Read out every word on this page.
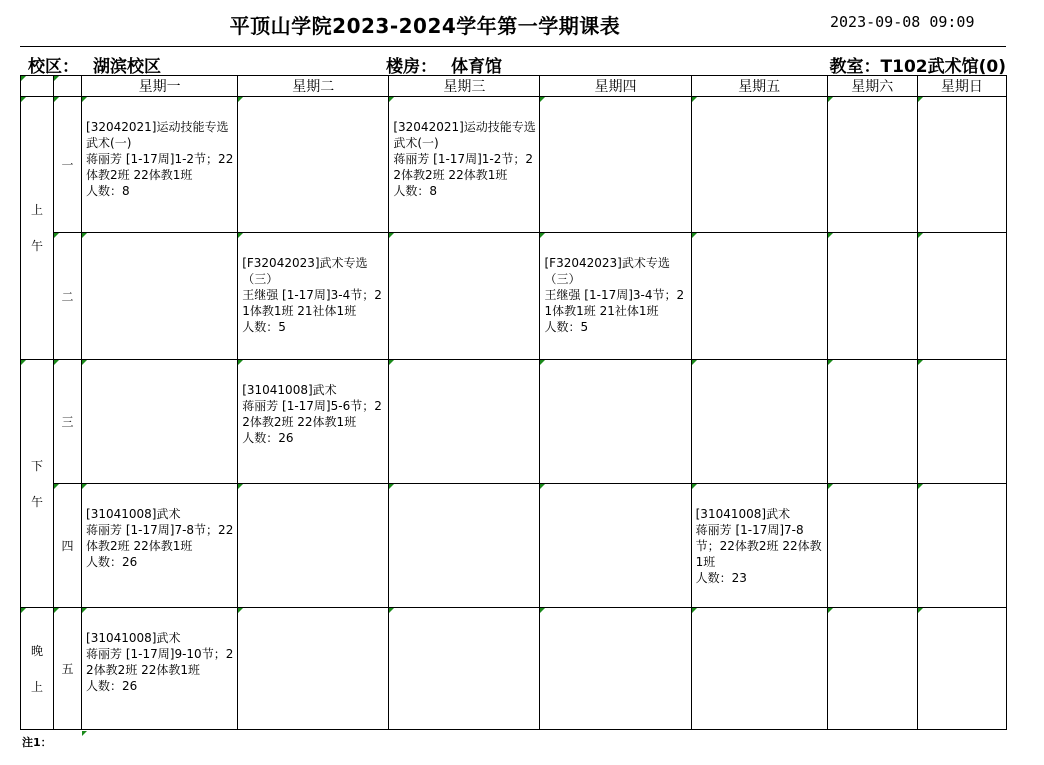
平顶山学院2023-2024学年第一学期课表	2023-09-08 09:09
校区： 湖滨校区	楼房： 体育馆	教室：T102武术馆(0)

	星期一	星期二	星期三	星期四	星期五	星期六	星期日

上
午	一	[32042021]运动技能专选武术(一)
蒋丽芳 [1-17周]1-2节；22体教2班 22体教1班
人数：8		[32042021]运动技能专选武术(一)
蒋丽芳 [1-17周]1-2节；22体教2班 22体教1班
人数：8				

二		[F32042023]武术专选（三）
王继强 [1-17周]3-4节；21体教1班 21社体1班
人数：5		[F32042023]武术专选（三）
王继强 [1-17周]3-4节；21体教1班 21社体1班
人数：5			

下
午	三		[31041008]武术
蒋丽芳 [1-17周]5-6节；22体教2班 22体教1班
人数：26					

四	[31041008]武术
蒋丽芳 [1-17周]7-8节；22体教2班 22体教1班
人数：26				[31041008]武术
蒋丽芳 [1-17周]7-8节；22体教2班 22体教1班
人数：23		

晚
上	五	[31041008]武术
蒋丽芳 [1-17周]9-10节；22体教2班 22体教1班
人数：26						

注1：
